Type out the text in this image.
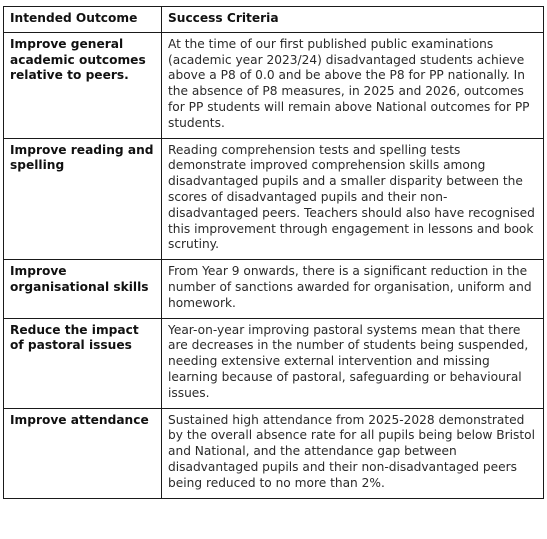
Intended Outcome	Success Criteria
Improve general academic outcomes relative to peers.	At the time of our first published public examinations (academic year 2023/24) disadvantaged students achieve above a P8 of 0.0 and be above the P8 for PP nationally. In the absence of P8 measures, in 2025 and 2026, outcomes for PP students will remain above National outcomes for PP students.
Improve reading and spelling	Reading comprehension tests and spelling tests demonstrate improved comprehension skills among disadvantaged pupils and a smaller disparity between the scores of disadvantaged pupils and their non-disadvantaged peers. Teachers should also have recognised this improvement through engagement in lessons and book scrutiny.
Improve organisational skills	From Year 9 onwards, there is a significant reduction in the number of sanctions awarded for organisation, uniform and homework.
Reduce the impact of pastoral issues	Year-on-year improving pastoral systems mean that there are decreases in the number of students being suspended, needing extensive external intervention and missing learning because of pastoral, safeguarding or behavioural issues.
Improve attendance	Sustained high attendance from 2025-2028 demonstrated by the overall absence rate for all pupils being below Bristol and National, and the attendance gap between disadvantaged pupils and their non-disadvantaged peers being reduced to no more than 2%.
